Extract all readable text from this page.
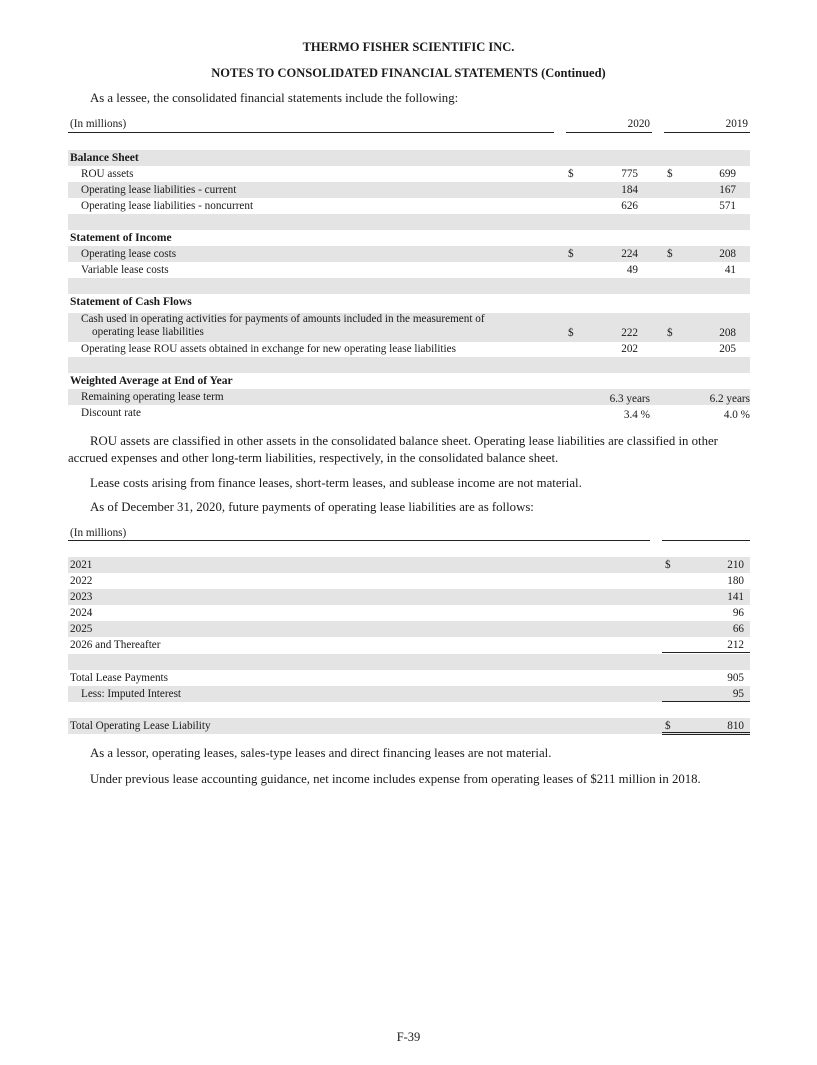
THERMO FISHER SCIENTIFIC INC.
NOTES TO CONSOLIDATED FINANCIAL STATEMENTS (Continued)
As a lessee, the consolidated financial statements include the following:
(In millions)	2020	2019
Balance Sheet
ROU assets	$	775	$	699
Operating lease liabilities - current	184	167
Operating lease liabilities - noncurrent	626	571
Statement of Income
Operating lease costs	$	224	$	208
Variable lease costs	49	41
Statement of Cash Flows
Cash used in operating activities for payments of amounts included in the measurement of
operating lease liabilities	$	222	$	208
Operating lease ROU assets obtained in exchange for new operating lease liabilities	202	205
Weighted Average at End of Year
Remaining operating lease term	6.3 years	6.2 years
Discount rate	3.4 %	4.0 %
ROU assets are classified in other assets in the consolidated balance sheet. Operating lease liabilities are classified in other accrued expenses and other long-term liabilities, respectively, in the consolidated balance sheet.
Lease costs arising from finance leases, short-term leases, and sublease income are not material.
As of December 31, 2020, future payments of operating lease liabilities are as follows:
(In millions)
2021	$	210
2022	180
2023	141
2024	96
2025	66
2026 and Thereafter	212
Total Lease Payments	905
Less: Imputed Interest	95
Total Operating Lease Liability	$	810
As a lessor, operating leases, sales-type leases and direct financing leases are not material.
Under previous lease accounting guidance, net income includes expense from operating leases of $211 million in 2018.
F-39
